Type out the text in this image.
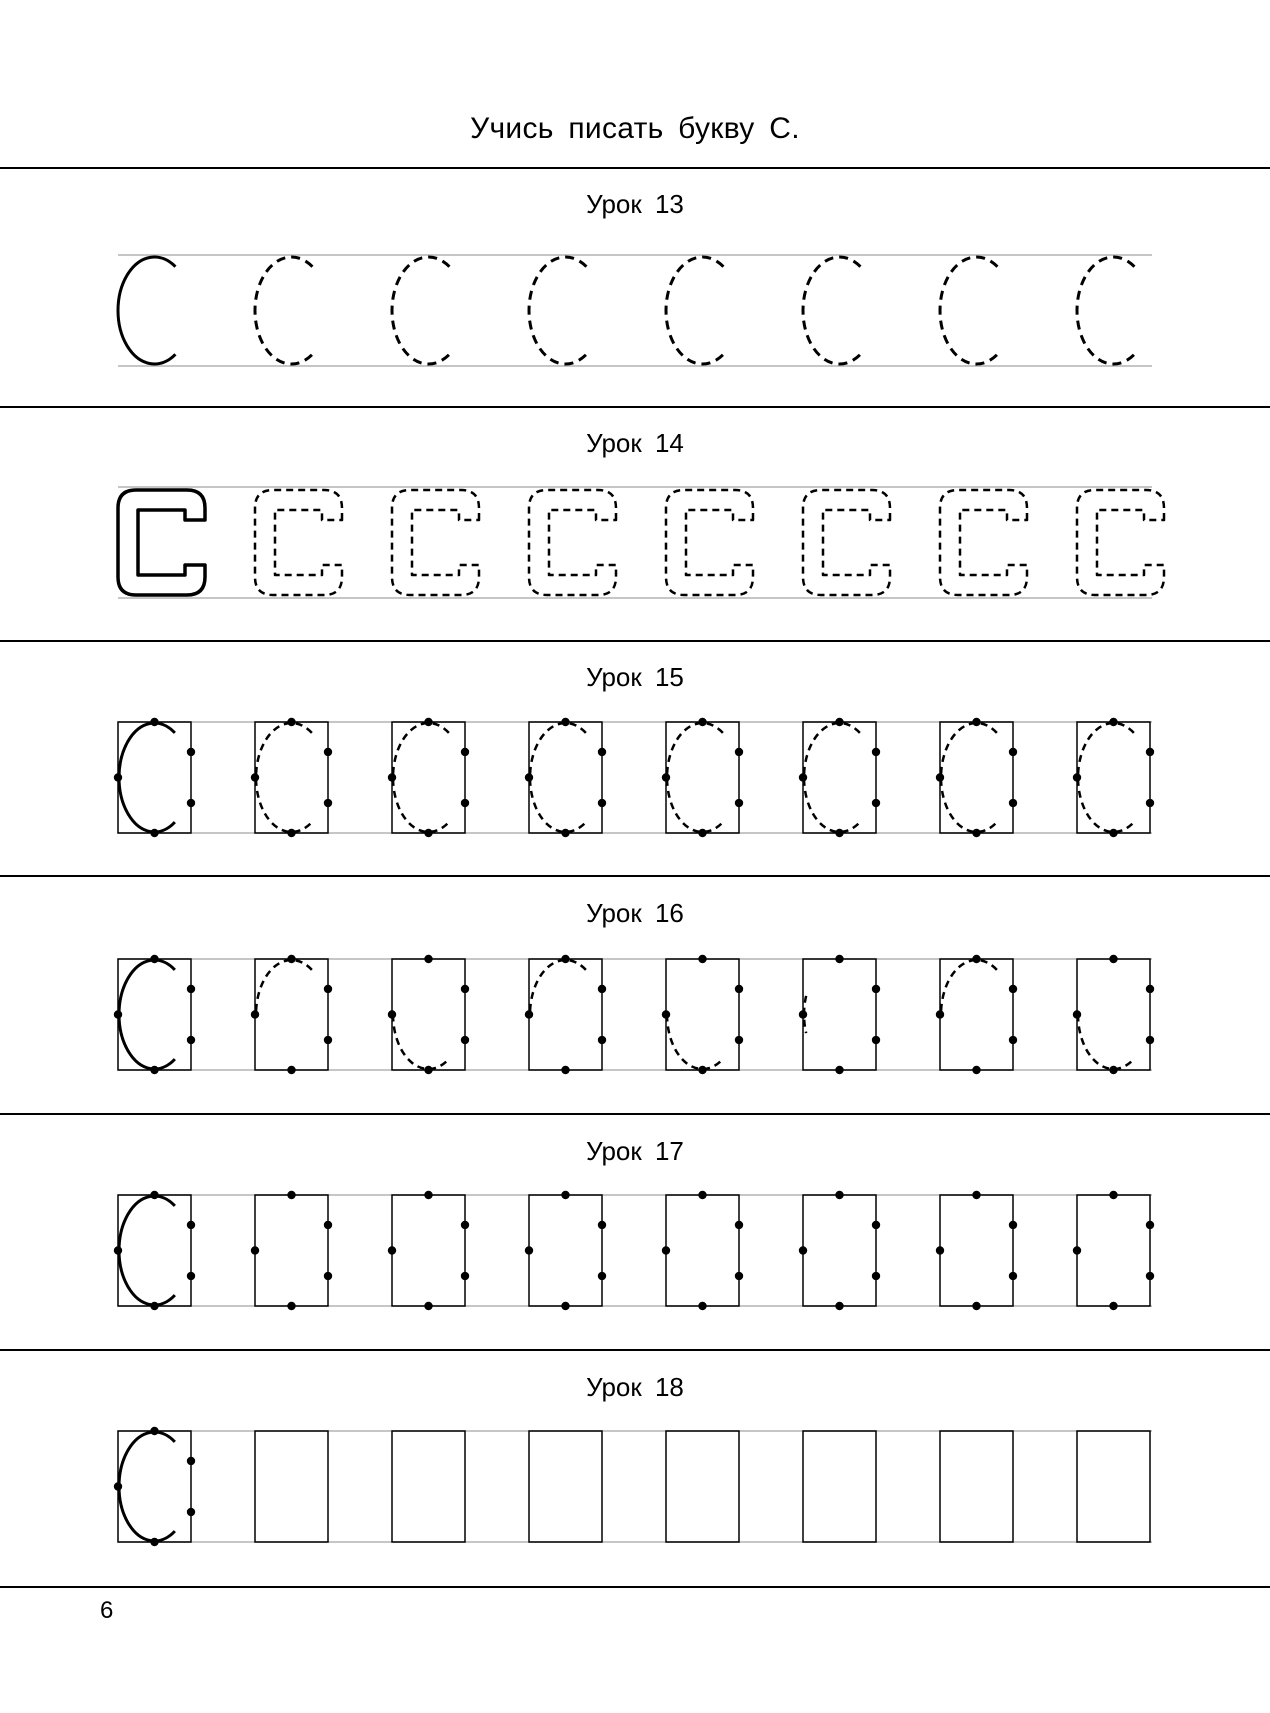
Учись писать букву С.
Урок 13
Урок 14
Урок 15
Урок 16
Урок 17
Урок 18
6
